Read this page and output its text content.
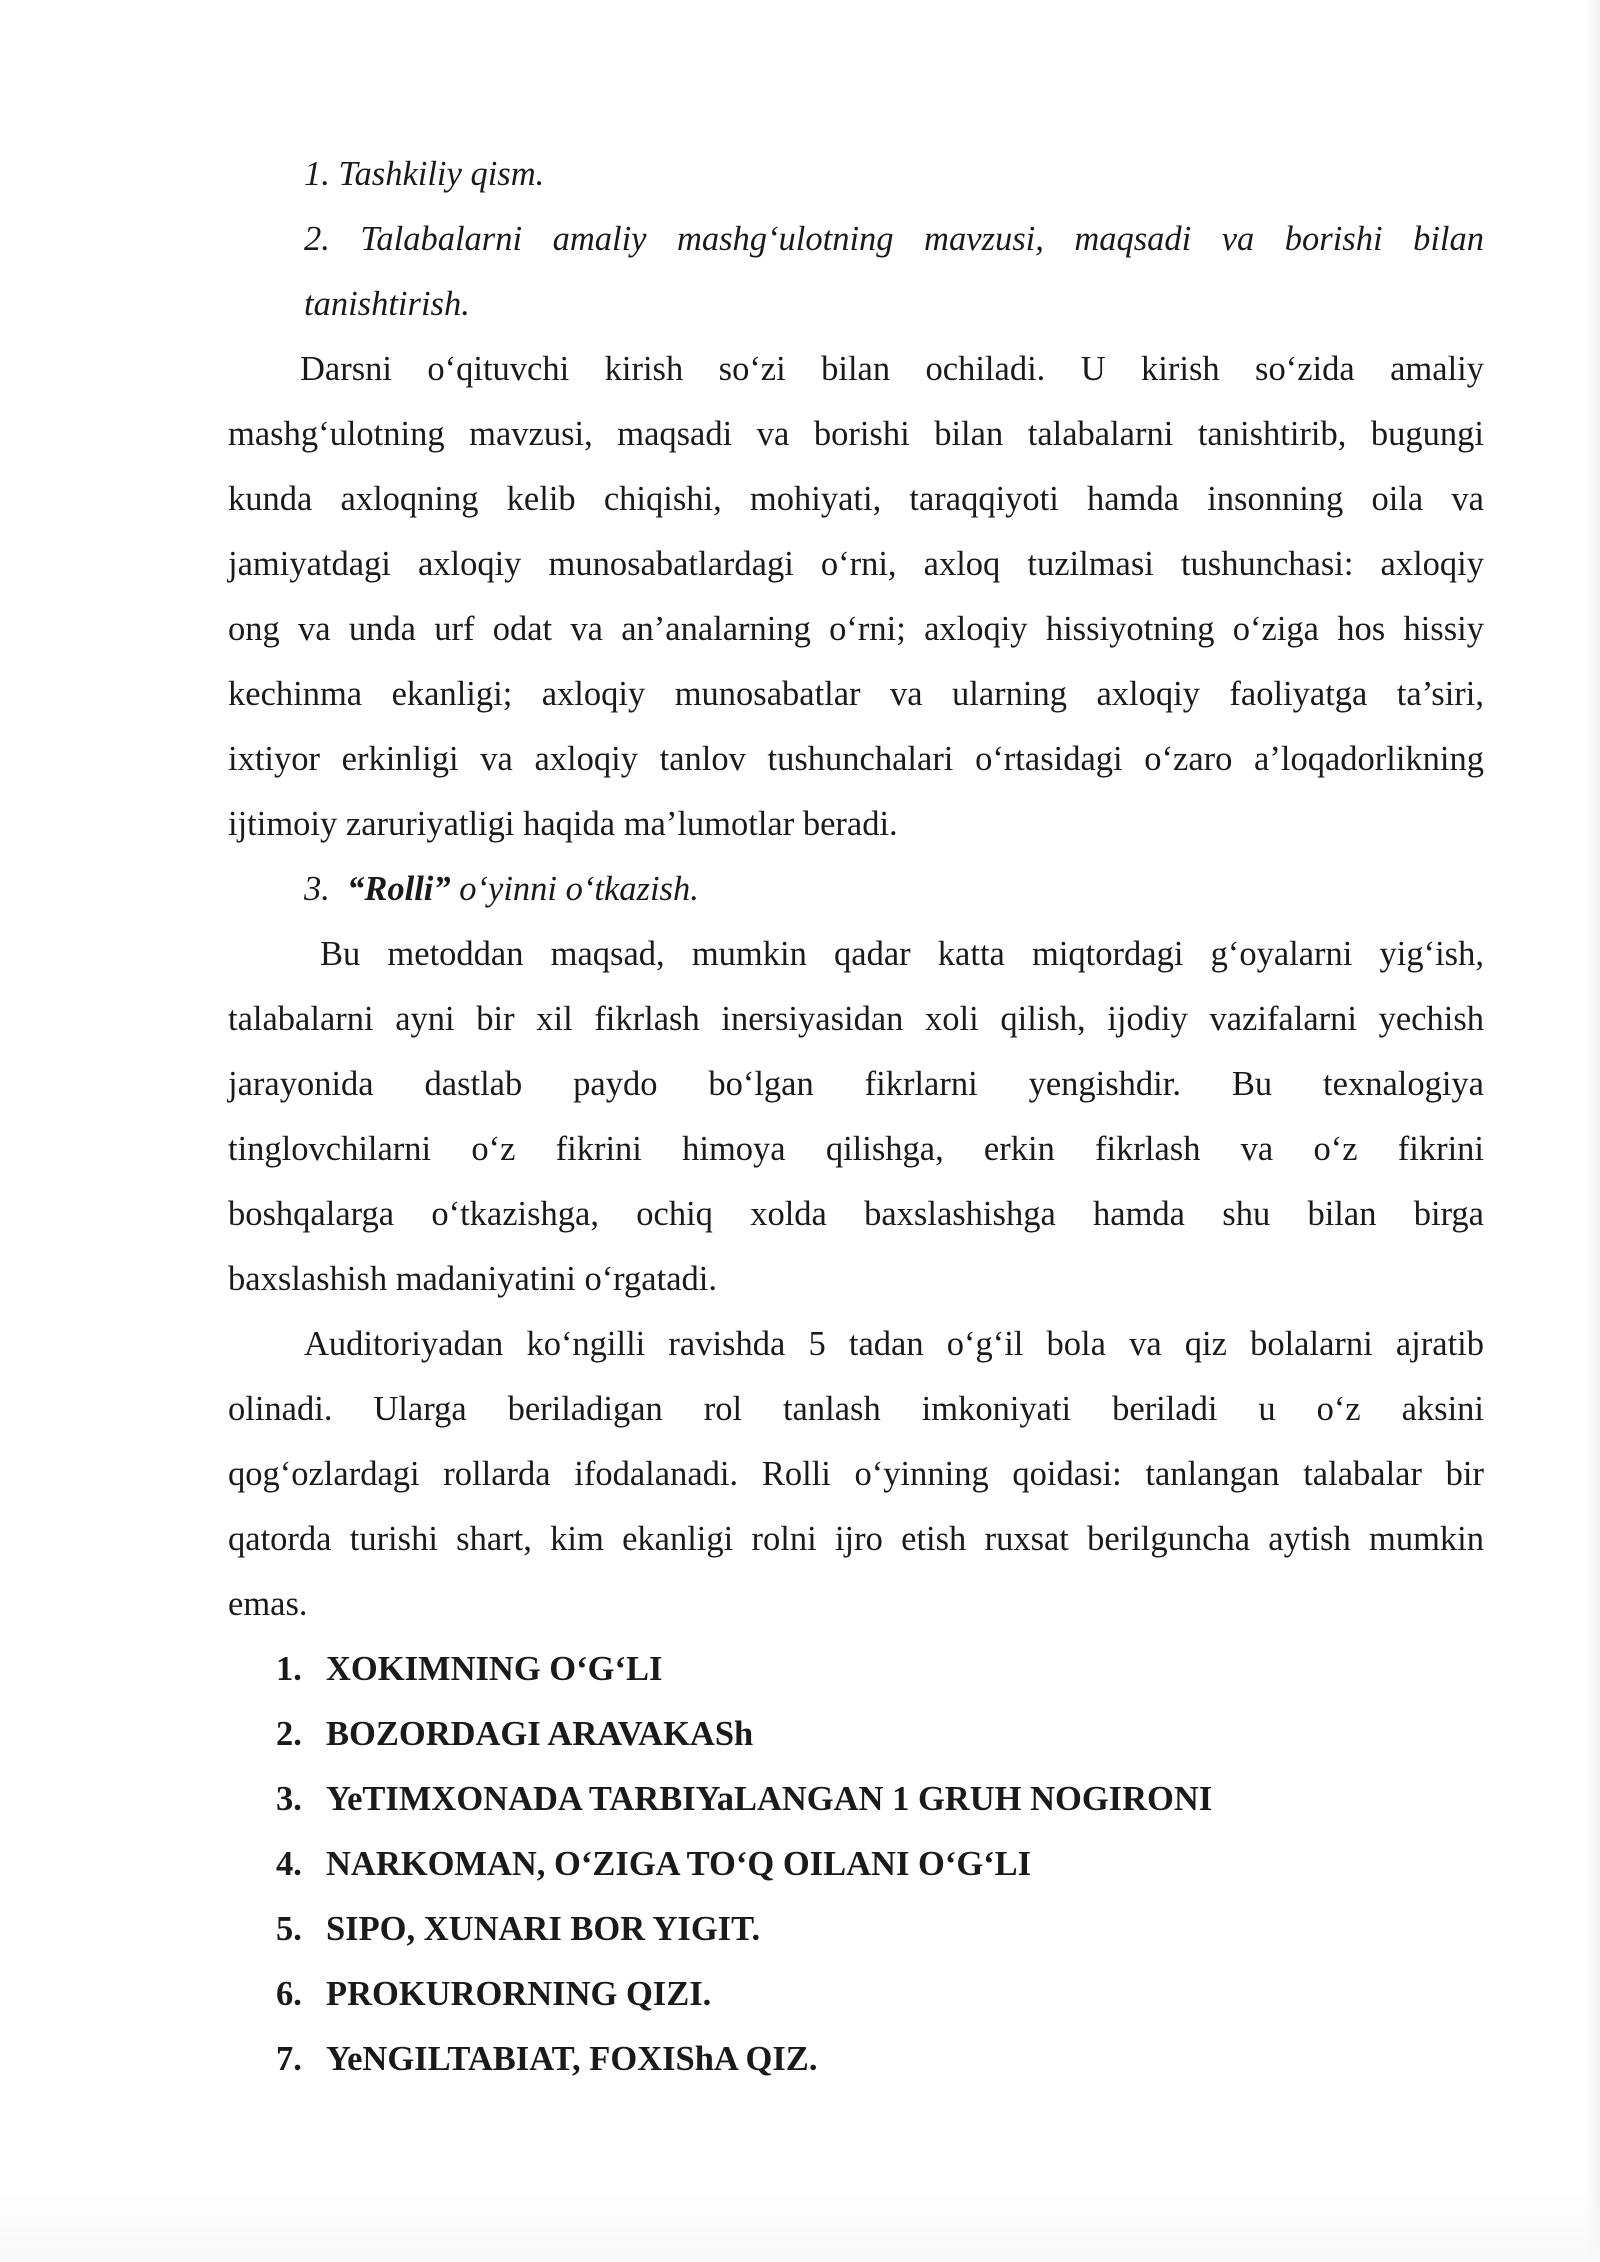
1. Tashkiliy qism.
2. Talabalarni amaliy mashg‘ulotning mavzusi, maqsadi va borishi bilan
tanishtirish.
Darsni o‘qituvchi kirish so‘zi bilan ochiladi. U kirish so‘zida amaliy
mashg‘ulotning mavzusi, maqsadi va borishi bilan talabalarni tanishtirib, bugungi
kunda axloqning kelib chiqishi, mohiyati, taraqqiyoti hamda insonning oila va
jamiyatdagi axloqiy munosabatlardagi o‘rni, axloq tuzilmasi tushunchasi: axloqiy
ong va unda urf odat va an’analarning o‘rni; axloqiy hissiyotning o‘ziga hos hissiy
kechinma ekanligi; axloqiy munosabatlar va ularning axloqiy faoliyatga ta’siri,
ixtiyor erkinligi va axloqiy tanlov tushunchalari o‘rtasidagi o‘zaro a’loqadorlikning
ijtimoiy zaruriyatligi haqida ma’lumotlar beradi.
3. “Rolli” o‘yinni o‘tkazish.
Bu metoddan maqsad, mumkin qadar katta miqtordagi g‘oyalarni yig‘ish,
talabalarni ayni bir xil fikrlash inersiyasidan xoli qilish, ijodiy vazifalarni yechish
jarayonida dastlab paydo bo‘lgan fikrlarni yengishdir. Bu texnalogiya
tinglovchilarni o‘z fikrini himoya qilishga, erkin fikrlash va o‘z fikrini
boshqalarga o‘tkazishga, ochiq xolda baxslashishga hamda shu bilan birga
baxslashish madaniyatini o‘rgatadi.
Auditoriyadan ko‘ngilli ravishda 5 tadan o‘g‘il bola va qiz bolalarni ajratib
olinadi. Ularga beriladigan rol tanlash imkoniyati beriladi u o‘z aksini
qog‘ozlardagi rollarda ifodalanadi. Rolli o‘yinning qoidasi: tanlangan talabalar bir
qatorda turishi shart, kim ekanligi rolni ijro etish ruxsat berilguncha aytish mumkin
emas.
1. XOKIMNING O‘G‘LI
2. BOZORDAGI ARAVAKASh
3. YeTIMXONADA TARBIYaLANGAN 1 GRUH NOGIRONI
4. NARKOMAN, O‘ZIGA TO‘Q OILANI O‘G‘LI
5. SIPO, XUNARI BOR YIGIT.
6. PROKURORNING QIZI.
7. YeNGILTABIAT, FOXIShA QIZ.
